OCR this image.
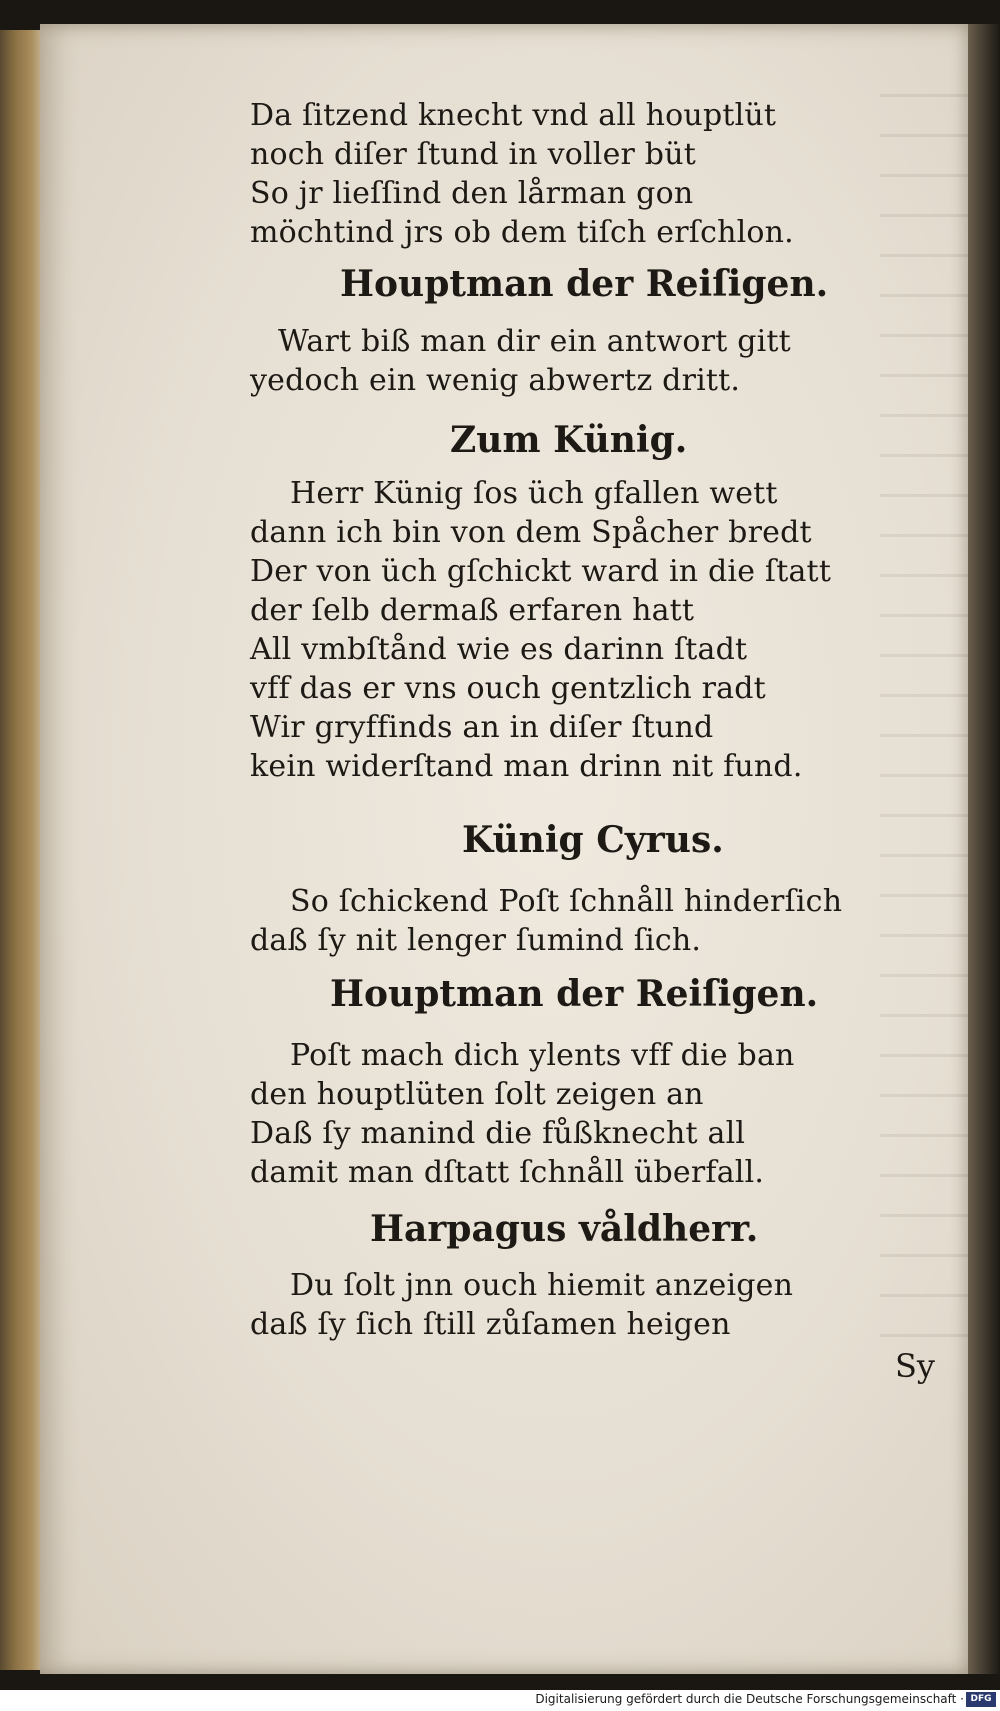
Da ſitzend knecht vnd all houptlüt
noch diſer ſtund in voller büt
So jr lieſſind den lårman gon
möchtind jrs ob dem tiſch erſchlon.
Houptman der Reiſigen.
Wart biß man dir ein antwort gitt
yedoch ein wenig abwertz dritt.
Zum Künig.
Herr Künig ſos üch gfallen wett
dann ich bin von dem Spåcher bredt
Der von üch gſchickt ward in die ſtatt
der ſelb dermaß erfaren hatt
All vmbſtånd wie es darinn ſtadt
vff das er vns ouch gentzlich radt
Wir gryffinds an in diſer ſtund
kein widerſtand man drinn nit fund.
Künig Cyrus.
So ſchickend Poſt ſchnåll hinderſich
daß ſy nit lenger ſumind ſich.
Houptman der Reiſigen.
Poſt mach dich ylents vff die ban
den houptlüten ſolt zeigen an
Daß ſy manind die fůßknecht all
damit man dſtatt ſchnåll überfall.
Harpagus våldherr.
Du ſolt jnn ouch hiemit anzeigen
daß ſy ſich ſtill zůſamen heigen
Sy
Digitalisierung gefördert durch die Deutsche Forschungsgemeinschaft · DFG
